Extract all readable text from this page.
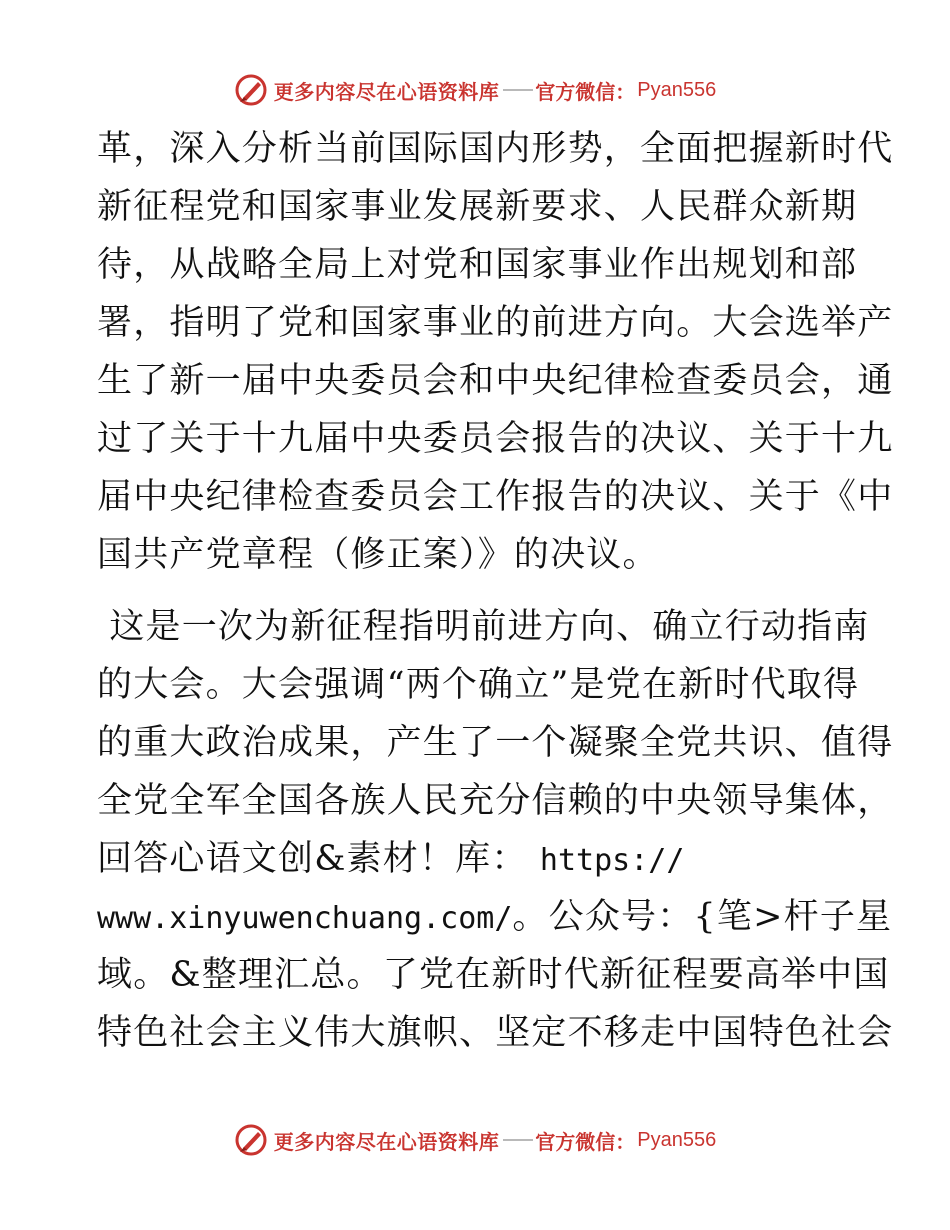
更多内容尽在心语资料库 官方微信： Pyan556
革，深入分析当前国际国内形势，全面把握新时代
新征程党和国家事业发展新要求、人民群众新期
待，从战略全局上对党和国家事业作出规划和部
署，指明了党和国家事业的前进方向。大会选举产
生了新一届中央委员会和中央纪律检查委员会，通
过了关于十九届中央委员会报告的决议、关于十九
届中央纪律检查委员会工作报告的决议、关于《中
国共产党章程（修正案）》的决议。
这是一次为新征程指明前进方向、确立行动指南
的大会。大会强调“两个确立”是党在新时代取得
的重大政治成果，产生了一个凝聚全党共识、值得
全党全军全国各族人民充分信赖的中央领导集体，
回答心语文创&素材！库： https://
www.xinyuwenchuang.com/。公众号：{笔>杆子星
域。&整理汇总。了党在新时代新征程要高举中国
特色社会主义伟大旗帜、坚定不移走中国特色社会
更多内容尽在心语资料库 官方微信： Pyan556
